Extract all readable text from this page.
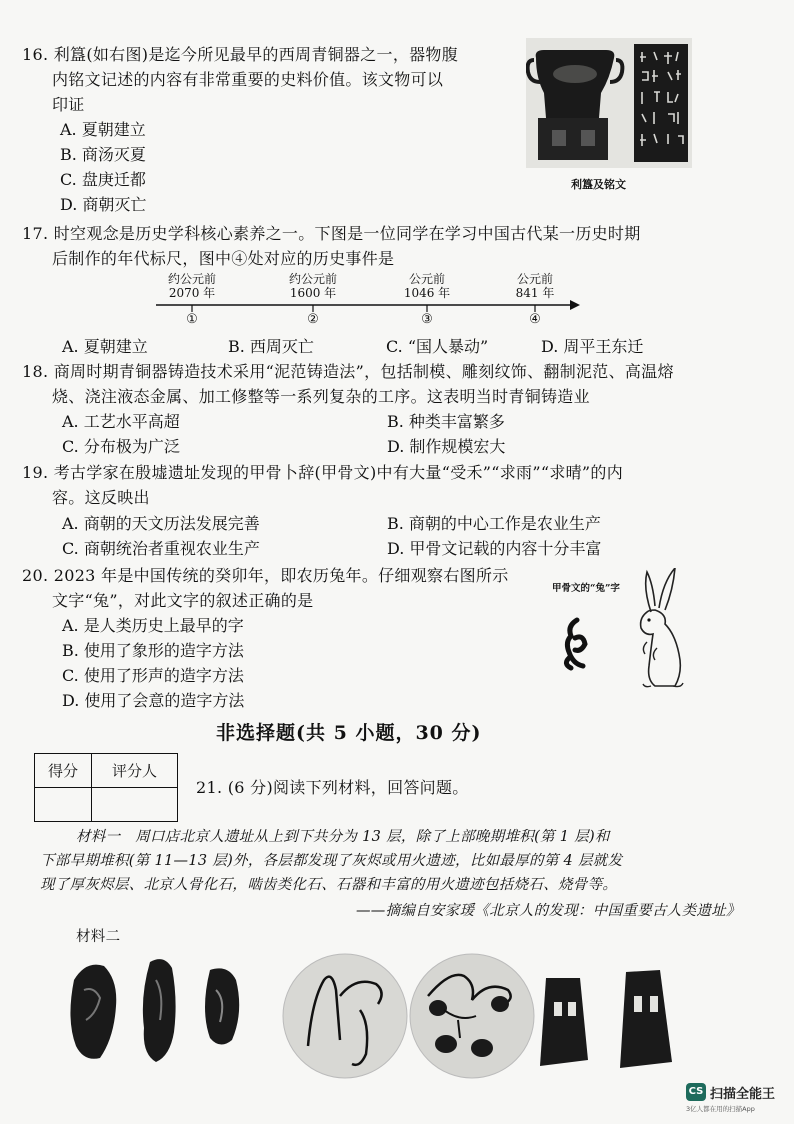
16. 利簋(如右图)是迄今所见最早的西周青铜器之一，器物腹
内铭文记述的内容有非常重要的史料价值。该文物可以
印证
A. 夏朝建立
B. 商汤灭夏
C. 盘庚迁都
D. 商朝灭亡
利簋及铭文
17. 时空观念是历史学科核心素养之一。下图是一位同学在学习中国古代某一历史时期
后制作的年代标尺，图中④处对应的历史事件是
约公元前
2070 年
①
约公元前
1600 年
②
公元前
1046 年
③
公元前
841 年
④
A. 夏朝建立	B. 西周灭亡	C. “国人暴动”	D. 周平王东迁
18. 商周时期青铜器铸造技术采用“泥范铸造法”，包括制模、雕刻纹饰、翻制泥范、高温熔
烧、浇注液态金属、加工修整等一系列复杂的工序。这表明当时青铜铸造业
A. 工艺水平高超	B. 种类丰富繁多
C. 分布极为广泛	D. 制作规模宏大
19. 考古学家在殷墟遗址发现的甲骨卜辞(甲骨文)中有大量“受禾”“求雨”“求晴”的内
容。这反映出
A. 商朝的天文历法发展完善	B. 商朝的中心工作是农业生产
C. 商朝统治者重视农业生产	D. 甲骨文记载的内容十分丰富
20. 2023 年是中国传统的癸卯年，即农历兔年。仔细观察右图所示
文字“兔”，对此文字的叙述正确的是
A. 是人类历史上最早的字
B. 使用了象形的造字方法
C. 使用了形声的造字方法
D. 使用了会意的造字方法
甲骨文的“兔”字
非选择题(共 5 小题，30 分)
得分	评分人

21. (6 分)阅读下列材料，回答问题。
材料一　周口店北京人遗址从上到下共分为 13 层，除了上部晚期堆积(第 1 层)和
下部早期堆积(第 11—13 层)外，各层都发现了灰烬或用火遗迹，比如最厚的第 4 层就发
现了厚灰烬层、北京人骨化石，啮齿类化石、石器和丰富的用火遗迹包括烧石、烧骨等。
——摘编自安家瑗《北京人的发现：中国重要古人类遗址》
材料二
CS 扫描全能王
3亿人都在用的扫描App
